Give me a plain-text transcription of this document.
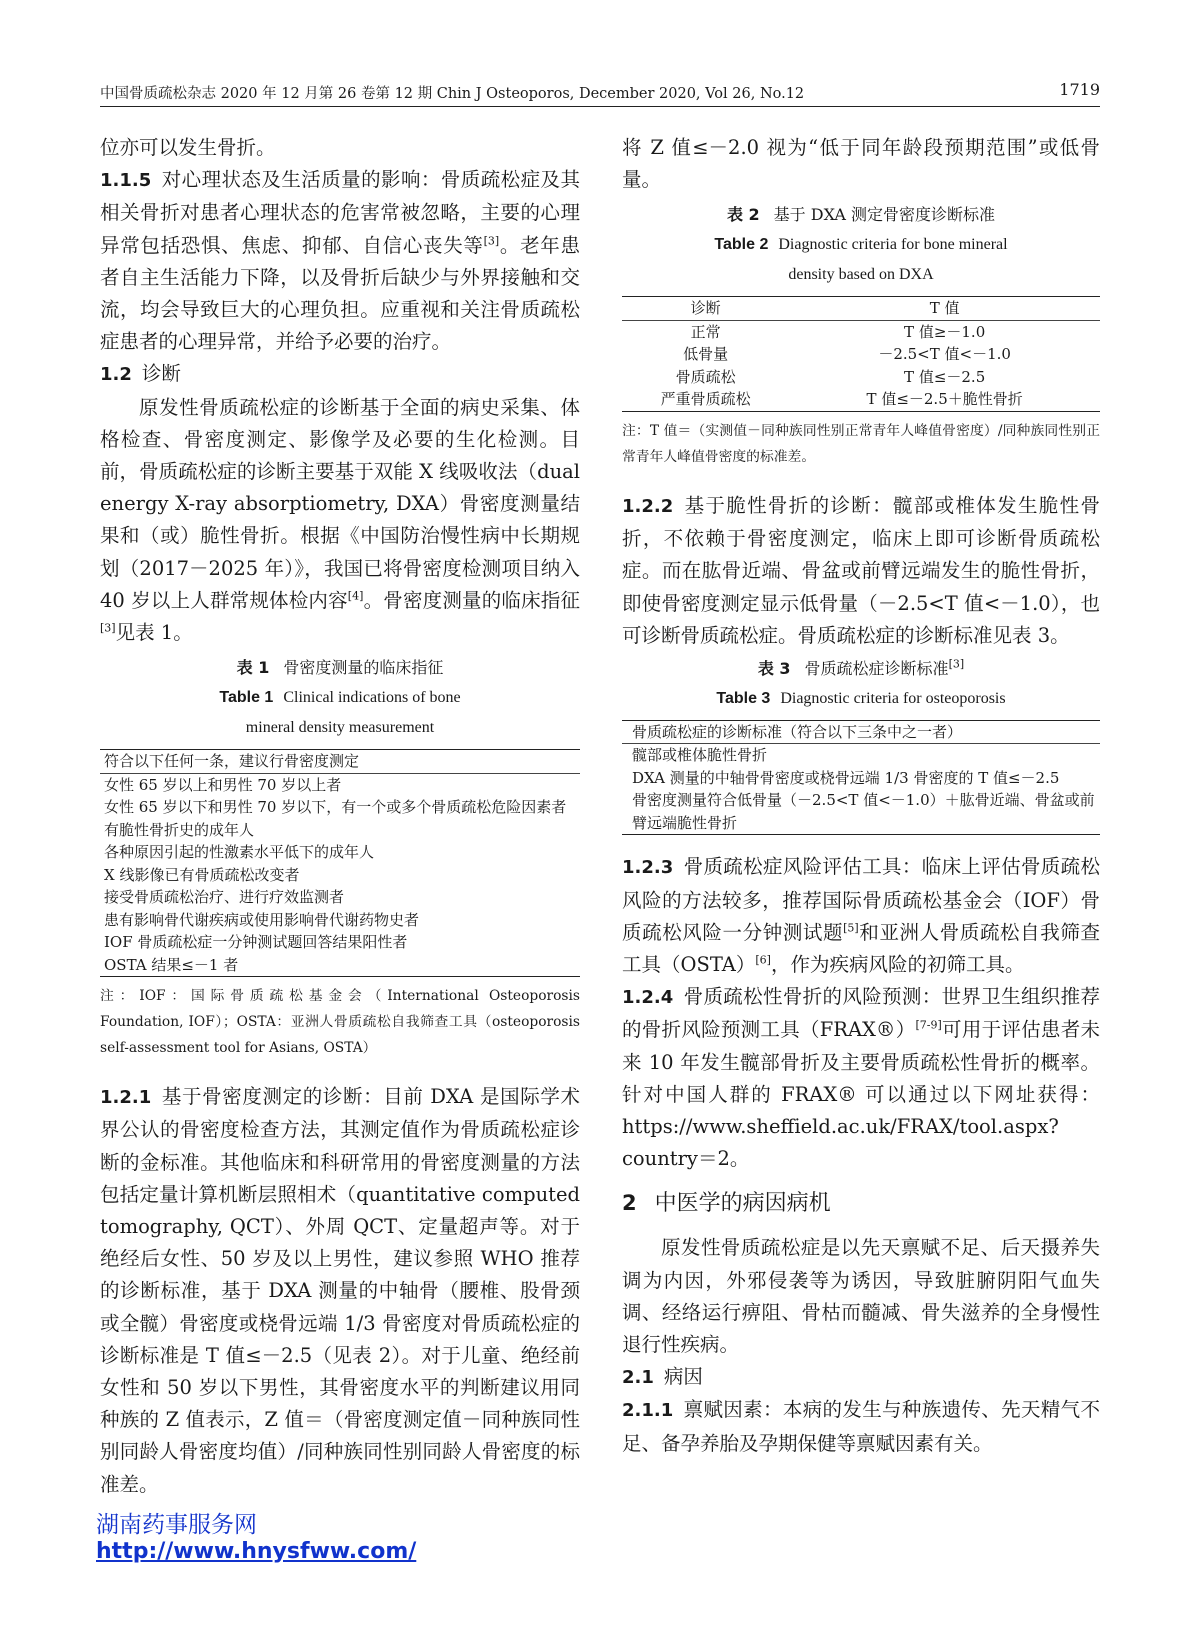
中国骨质疏松杂志 2020 年 12 月第 26 卷第 12 期 Chin J Osteoporos, December 2020, Vol 26, No.12	1719

位亦可以发生骨折。

1.1.5 对心理状态及生活质量的影响：骨质疏松症及其相关骨折对患者心理状态的危害常被忽略，主要的心理异常包括恐惧、焦虑、抑郁、自信心丧失等[3]。老年患者自主生活能力下降，以及骨折后缺少与外界接触和交流，均会导致巨大的心理负担。应重视和关注骨质疏松症患者的心理异常，并给予必要的治疗。

1.2 诊断

原发性骨质疏松症的诊断基于全面的病史采集、体格检查、骨密度测定、影像学及必要的生化检测。目前，骨质疏松症的诊断主要基于双能 X 线吸收法（dual energy X-ray absorptiometry, DXA）骨密度测量结果和（或）脆性骨折。根据《中国防治慢性病中长期规划（2017－2025 年）》，我国已将骨密度检测项目纳入 40 岁以上人群常规体检内容[4]。骨密度测量的临床指征[3]见表 1。

表 1 骨密度测量的临床指征
Table 1 Clinical indications of bone
mineral density measurement
符合以下任何一条，建议行骨密度测定
女性 65 岁以上和男性 70 岁以上者
女性 65 岁以下和男性 70 岁以下，有一个或多个骨质疏松危险因素者
有脆性骨折史的成年人
各种原因引起的性激素水平低下的成年人
X 线影像已有骨质疏松改变者
接受骨质疏松治疗、进行疗效监测者
患有影响骨代谢疾病或使用影响骨代谢药物史者
IOF 骨质疏松症一分钟测试题回答结果阳性者
OSTA 结果≤－1 者
注：IOF：国际骨质疏松基金会（International Osteoporosis Foundation, IOF）；OSTA：亚洲人骨质疏松自我筛查工具（osteoporosis self-assessment tool for Asians, OSTA）

1.2.1 基于骨密度测定的诊断：目前 DXA 是国际学术界公认的骨密度检查方法，其测定值作为骨质疏松症诊断的金标准。其他临床和科研常用的骨密度测量的方法包括定量计算机断层照相术（quantitative computed tomography, QCT）、外周 QCT、定量超声等。对于绝经后女性、50 岁及以上男性，建议参照 WHO 推荐的诊断标准，基于 DXA 测量的中轴骨（腰椎、股骨颈或全髋）骨密度或桡骨远端 1/3 骨密度对骨质疏松症的诊断标准是 T 值≤－2.5（见表 2）。对于儿童、绝经前女性和 50 岁以下男性，其骨密度水平的判断建议用同种族的 Z 值表示，Z 值＝（骨密度测定值－同种族同性别同龄人骨密度均值）/同种族同性别同龄人骨密度的标准差。

将 Z 值≤－2.0 视为“低于同年龄段预期范围”或低骨量。

表 2 基于 DXA 测定骨密度诊断标准
Table 2 Diagnostic criteria for bone mineral
density based on DXA
诊断	T 值
正常	T 值≥－1.0
低骨量	－2.5<T 值<－1.0
骨质疏松	T 值≤－2.5
严重骨质疏松	T 值≤－2.5＋脆性骨折
注：T 值＝（实测值－同种族同性别正常青年人峰值骨密度）/同种族同性别正常青年人峰值骨密度的标准差。

1.2.2 基于脆性骨折的诊断：髋部或椎体发生脆性骨折，不依赖于骨密度测定，临床上即可诊断骨质疏松症。而在肱骨近端、骨盆或前臂远端发生的脆性骨折，即使骨密度测定显示低骨量（－2.5<T 值<－1.0），也可诊断骨质疏松症。骨质疏松症的诊断标准见表 3。

表 3 骨质疏松症诊断标准[3]
Table 3 Diagnostic criteria for osteoporosis
骨质疏松症的诊断标准（符合以下三条中之一者）
髋部或椎体脆性骨折
DXA 测量的中轴骨骨密度或桡骨远端 1/3 骨密度的 T 值≤－2.5
骨密度测量符合低骨量（－2.5<T 值<－1.0）＋肱骨近端、骨盆或前臂远端脆性骨折

1.2.3 骨质疏松症风险评估工具：临床上评估骨质疏松风险的方法较多，推荐国际骨质疏松基金会（IOF）骨质疏松风险一分钟测试题[5]和亚洲人骨质疏松自我筛查工具（OSTA）[6]，作为疾病风险的初筛工具。

1.2.4 骨质疏松性骨折的风险预测：世界卫生组织推荐的骨折风险预测工具（FRAX®）[7-9]可用于评估患者未来 10 年发生髋部骨折及主要骨质疏松性骨折的概率。针对中国人群的 FRAX® 可以通过以下网址获得：https://www.sheffield.ac.uk/FRAX/tool.aspx? country＝2。

2 中医学的病因病机

原发性骨质疏松症是以先天禀赋不足、后天摄养失调为内因，外邪侵袭等为诱因，导致脏腑阴阳气血失调、经络运行痹阻、骨枯而髓减、骨失滋养的全身慢性退行性疾病。

2.1 病因

2.1.1 禀赋因素：本病的发生与种族遗传、先天精气不足、备孕养胎及孕期保健等禀赋因素有关。

湖南药事服务网
http://www.hnysfww.com/
